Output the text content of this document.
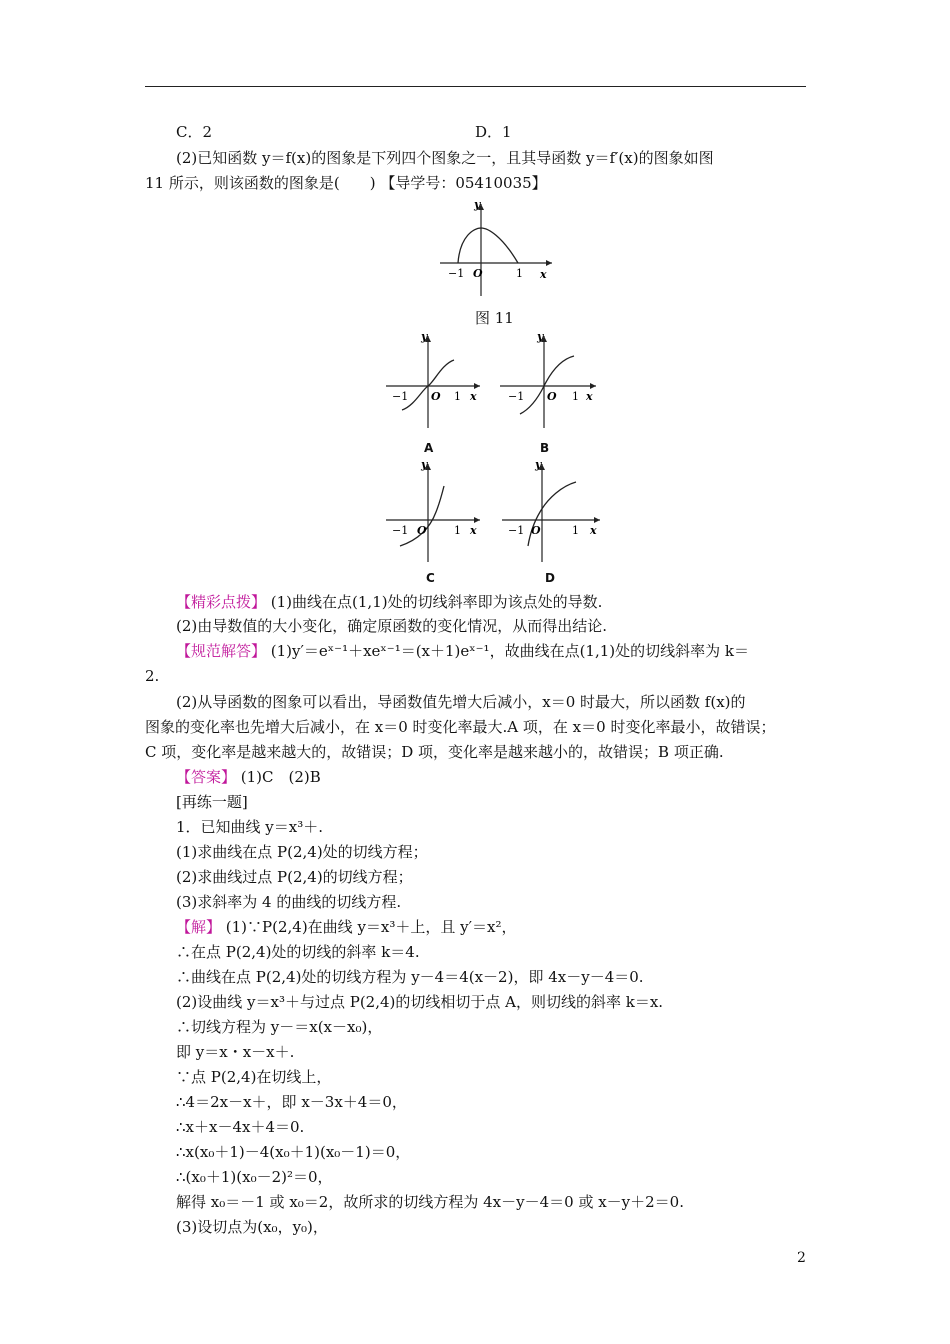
C．2	D．1
(2)已知函数 y＝f(x)的图象是下列四个图象之一，且其导函数 y＝f′(x)的图象如图
11 所示，则该函数的图象是(　　) 【导学号：05410035】
y
x
O
−1	1
图 11
y
x
O
−1	1
A
y
x
O
−1	1
B
y
x
O
−1	1
C
y
x
O
−1	1
D
【精彩点拨】 (1)曲线在点(1,1)处的切线斜率即为该点处的导数.
(2)由导数值的大小变化，确定原函数的变化情况，从而得出结论.
【规范解答】 (1)y′＝eˣ⁻¹＋xeˣ⁻¹＝(x＋1)eˣ⁻¹，故曲线在点(1,1)处的切线斜率为 k＝
2.
(2)从导函数的图象可以看出，导函数值先增大后减小，x＝0 时最大，所以函数 f(x)的
图象的变化率也先增大后减小，在 x＝0 时变化率最大.A 项，在 x＝0 时变化率最小，故错误；
C 项，变化率是越来越大的，故错误；D 项，变化率是越来越小的，故错误；B 项正确.
【答案】 (1)C　(2)B
[再练一题]
1．已知曲线 y＝x³＋.
(1)求曲线在点 P(2,4)处的切线方程；
(2)求曲线过点 P(2,4)的切线方程；
(3)求斜率为 4 的曲线的切线方程.
【解】 (1)∵P(2,4)在曲线 y＝x³＋上，且 y′＝x²，
∴在点 P(2,4)处的切线的斜率 k＝4.
∴曲线在点 P(2,4)处的切线方程为 y－4＝4(x－2)，即 4x－y－4＝0.
(2)设曲线 y＝x³＋与过点 P(2,4)的切线相切于点 A，则切线的斜率 k＝x.
∴切线方程为 y－＝x(x－x₀)，
即 y＝x・x－x＋.
∵点 P(2,4)在切线上，
∴4＝2x－x＋，即 x－3x＋4＝0，
∴x＋x－4x＋4＝0.
∴x(x₀＋1)－4(x₀＋1)(x₀－1)＝0，
∴(x₀＋1)(x₀－2)²＝0，
解得 x₀＝－1 或 x₀＝2，故所求的切线方程为 4x－y－4＝0 或 x－y＋2＝0.
(3)设切点为(x₀，y₀)，
2
